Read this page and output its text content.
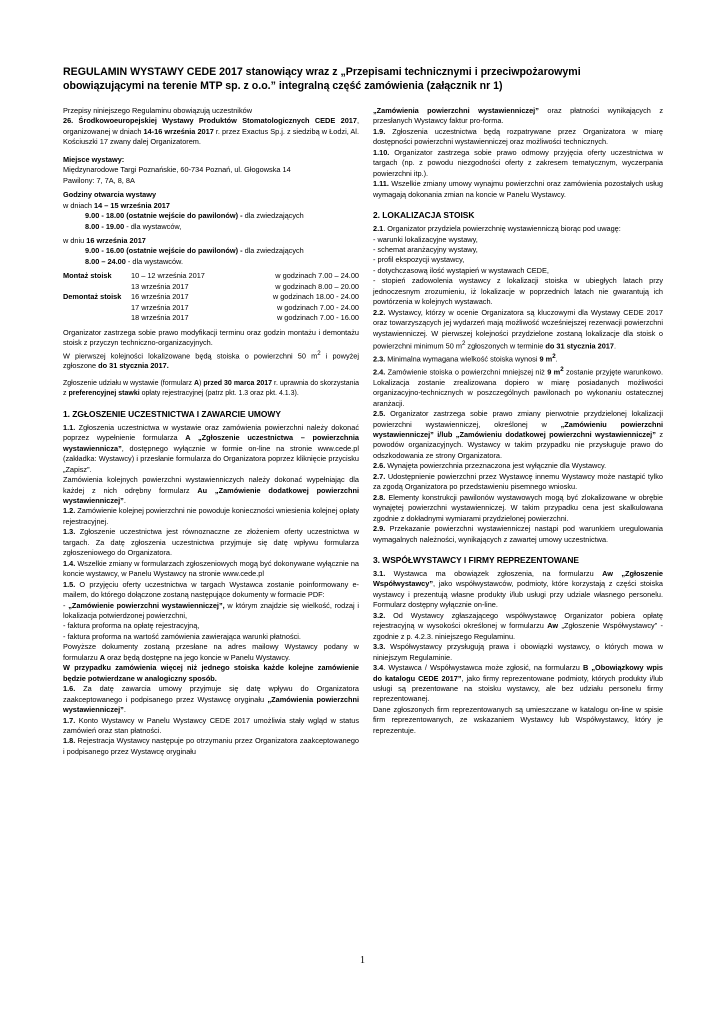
REGULAMIN WYSTAWY CEDE 2017 stanowiący wraz z „Przepisami technicznymi i przeciwpożarowymi obowiązującymi na terenie MTP sp. z o.o.” integralną część zamówienia (załącznik nr 1)

Przepisy niniejszego Regulaminu obowiązują uczestników

26. Środkowoeuropejskiej Wystawy Produktów Stomatologicznych CEDE 2017, organizowanej w dniach 14-16 września 2017 r. przez Exactus Sp.j. z siedzibą w Łodzi, Al. Kościuszki 17 zwany dalej Organizatorem.

Miejsce wystawy:

Międzynarodowe Targi Poznańskie, 60-734 Poznań, ul. Głogowska 14

Pawilony: 7, 7A, 8, 8A

Godziny otwarcia wystawy

w dniach 14 – 15 września 2017

9.00 - 18.00 (ostatnie wejście do pawilonów) - dla zwiedzających

8.00 - 19.00 - dla wystawców,

w dniu 16 września 2017

9.00 - 16.00 (ostatnie wejście do pawilonów) - dla zwiedzających

8.00 – 24.00 - dla wystawców.

Montaż stoisk	10 – 12 września 2017	w godzinach 7.00 – 24.00
13 września 2017	w godzinach 8.00 – 20.00
Demontaż stoisk	16 września 2017	w godzinach 18.00 - 24.00
17 września 2017	w godzinach 7.00 - 24.00
18 września 2017	w godzinach 7.00 - 16.00

Organizator zastrzega sobie prawo modyfikacji terminu oraz godzin montażu i demontażu stoisk z przyczyn techniczno-organizacyjnych.

W pierwszej kolejności lokalizowane będą stoiska o powierzchni 50 $m^2$ i powyżej zgłoszone do 31 stycznia 2017.

Zgłoszenie udziału w wystawie (formularz A) przed 30 marca 2017 r. uprawnia do skorzystania z preferencyjnej stawki opłaty rejestracyjnej (patrz pkt. 1.3 oraz pkt. 4.1.3).

1. ZGŁOSZENIE UCZESTNICTWA I ZAWARCIE UMOWY

1.1. Zgłoszenia uczestnictwa w wystawie oraz zamówienia powierzchni należy dokonać poprzez wypełnienie formularza A „Zgłoszenie uczestnictwa – powierzchnia wystawiennicza”, dostępnego wyłącznie w formie on-line na stronie www.cede.pl (zakładka: Wystawcy) i przesłanie formularza do Organizatora poprzez kliknięcie przycisku „Zapisz”.

Zamówienia kolejnych powierzchni wystawienniczych należy dokonać wypełniając dla każdej z nich odrębny formularz Au „Zamówienie dodatkowej powierzchni wystawienniczej”.

1.2. Zamówienie kolejnej powierzchni nie powoduje konieczności wniesienia kolejnej opłaty rejestracyjnej.

1.3. Zgłoszenie uczestnictwa jest równoznaczne ze złożeniem oferty uczestnictwa w targach. Za datę zgłoszenia uczestnictwa przyjmuje się datę wpływu formularza zgłoszeniowego do Organizatora.

1.4. Wszelkie zmiany w formularzach zgłoszeniowych mogą być dokonywane wyłącznie na koncie wystawcy, w Panelu Wystawcy na stronie www.cede.pl

1.5. O przyjęciu oferty uczestnictwa w targach Wystawca zostanie poinformowany e-mailem, do którego dołączone zostaną następujące dokumenty w formacie PDF:

- „Zamówienie powierzchni wystawienniczej”, w którym znajdzie się wielkość, rodzaj i lokalizacja potwierdzonej powierzchni,

- faktura proforma na opłatę rejestracyjną,

- faktura proforma na wartość zamówienia zawierająca warunki płatności.

Powyższe dokumenty zostaną przesłane na adres mailowy Wystawcy podany w formularzu A oraz będą dostępne na jego koncie w Panelu Wystawcy.

W przypadku zamówienia więcej niż jednego stoiska każde kolejne zamówienie będzie potwierdzane w analogiczny sposób.

1.6. Za datę zawarcia umowy przyjmuje się datę wpływu do Organizatora zaakceptowanego i podpisanego przez Wystawcę oryginału „Zamówienia powierzchni wystawienniczej”.

1.7. Konto Wystawcy w Panelu Wystawcy CEDE 2017 umożliwia stały wgląd w status zamówień oraz stan płatności.

1.8. Rejestracja Wystawcy następuje po otrzymaniu przez Organizatora zaakceptowanego i podpisanego przez Wystawcę oryginału

„Zamówienia powierzchni wystawienniczej” oraz płatności wynikających z przesłanych Wystawcy faktur pro-forma.

1.9. Zgłoszenia uczestnictwa będą rozpatrywane przez Organizatora w miarę dostępności powierzchni wystawienniczej oraz możliwości technicznych.

1.10. Organizator zastrzega sobie prawo odmowy przyjęcia oferty uczestnictwa w targach (np. z powodu niezgodności oferty z zakresem tematycznym, wyczerpania powierzchni itp.).

1.11. Wszelkie zmiany umowy wynajmu powierzchni oraz zamówienia pozostałych usług wymagają dokonania zmian na koncie w Panelu Wystawcy.

2. LOKALIZACJA STOISK

2.1. Organizator przydziela powierzchnię wystawienniczą biorąc pod uwagę:

- warunki lokalizacyjne wystawy,

- schemat aranżacyjny wystawy,

- profil ekspozycji wystawcy,

- dotychczasową ilość wystąpień w wystawach CEDE,

- stopień zadowolenia wystawcy z lokalizacji stoiska w ubiegłych latach przy jednoczesnym zrozumieniu, iż lokalizacje w poprzednich latach nie gwarantują ich powtórzenia w kolejnych wystawach.

2.2. Wystawcy, którzy w ocenie Organizatora są kluczowymi dla Wystawy CEDE 2017 oraz towarzyszących jej wydarzeń mają możliwość wcześniejszej rezerwacji powierzchni wystawienniczej. W pierwszej kolejności przydzielone zostaną lokalizacje dla stoisk o powierzchni minimum 50 $m^2$ zgłoszonych w terminie do 31 stycznia 2017.

2.3. Minimalna wymagana wielkość stoiska wynosi 9 $m^2$.

2.4. Zamówienie stoiska o powierzchni mniejszej niż 9 $m^2$ zostanie przyjęte warunkowo. Lokalizacja zostanie zrealizowana dopiero w miarę posiadanych możliwości organizacyjno-technicznych w poszczególnych pawilonach po wykonaniu ostatecznej aranżacji.

2.5. Organizator zastrzega sobie prawo zmiany pierwotnie przydzielonej lokalizacji powierzchni wystawienniczej, określonej w „Zamówieniu powierzchni wystawienniczej” i/lub „Zamówieniu dodatkowej powierzchni wystawienniczej” z powodów organizacyjnych. Wystawcy w takim przypadku nie przysługuje prawo do odszkodowania ze strony Organizatora.

2.6. Wynajęta powierzchnia przeznaczona jest wyłącznie dla Wystawcy.

2.7. Udostępnienie powierzchni przez Wystawcę innemu Wystawcy może nastąpić tylko za zgodą Organizatora po przedstawieniu pisemnego wniosku.

2.8. Elementy konstrukcji pawilonów wystawowych mogą być zlokalizowane w obrębie wynajętej powierzchni wystawienniczej. W takim przypadku cena jest skalkulowana zgodnie z dokładnymi wymiarami przydzielonej powierzchni.

2.9. Przekazanie powierzchni wystawienniczej nastąpi pod warunkiem uregulowania wymagalnych należności, wynikających z zawartej umowy uczestnictwa.

3. WSPÓŁWYSTAWCY I FIRMY REPREZENTOWANE

3.1. Wystawca ma obowiązek zgłoszenia, na formularzu Aw „Zgłoszenie Współwystawcy”, jako współwystawców, podmioty, które korzystają z części stoiska wystawcy i prezentują własne produkty i/lub usługi przy udziale własnego personelu. Formularz dostępny wyłącznie on-line.

3.2. Od Wystawcy zgłaszającego współwystawcę Organizator pobiera opłatę rejestracyjną w wysokości określonej w formularzu Aw „Zgłoszenie Współwystawcy” - zgodnie z p. 4.2.3. niniejszego Regulaminu.

3.3. Współwystawcy przysługują prawa i obowiązki wystawcy, o których mowa w niniejszym Regulaminie.

3.4. Wystawca / Współwystawca może zgłosić, na formularzu B „Obowiązkowy wpis do katalogu CEDE 2017”, jako firmy reprezentowane podmioty, których produkty i/lub usługi są prezentowane na stoisku wystawcy, ale bez udziału personelu firmy reprezentowanej.

Dane zgłoszonych firm reprezentowanych są umieszczane w katalogu on-line w spisie firm reprezentowanych, ze wskazaniem Wystawcy lub Współwystawcy, który je reprezentuje.

1
